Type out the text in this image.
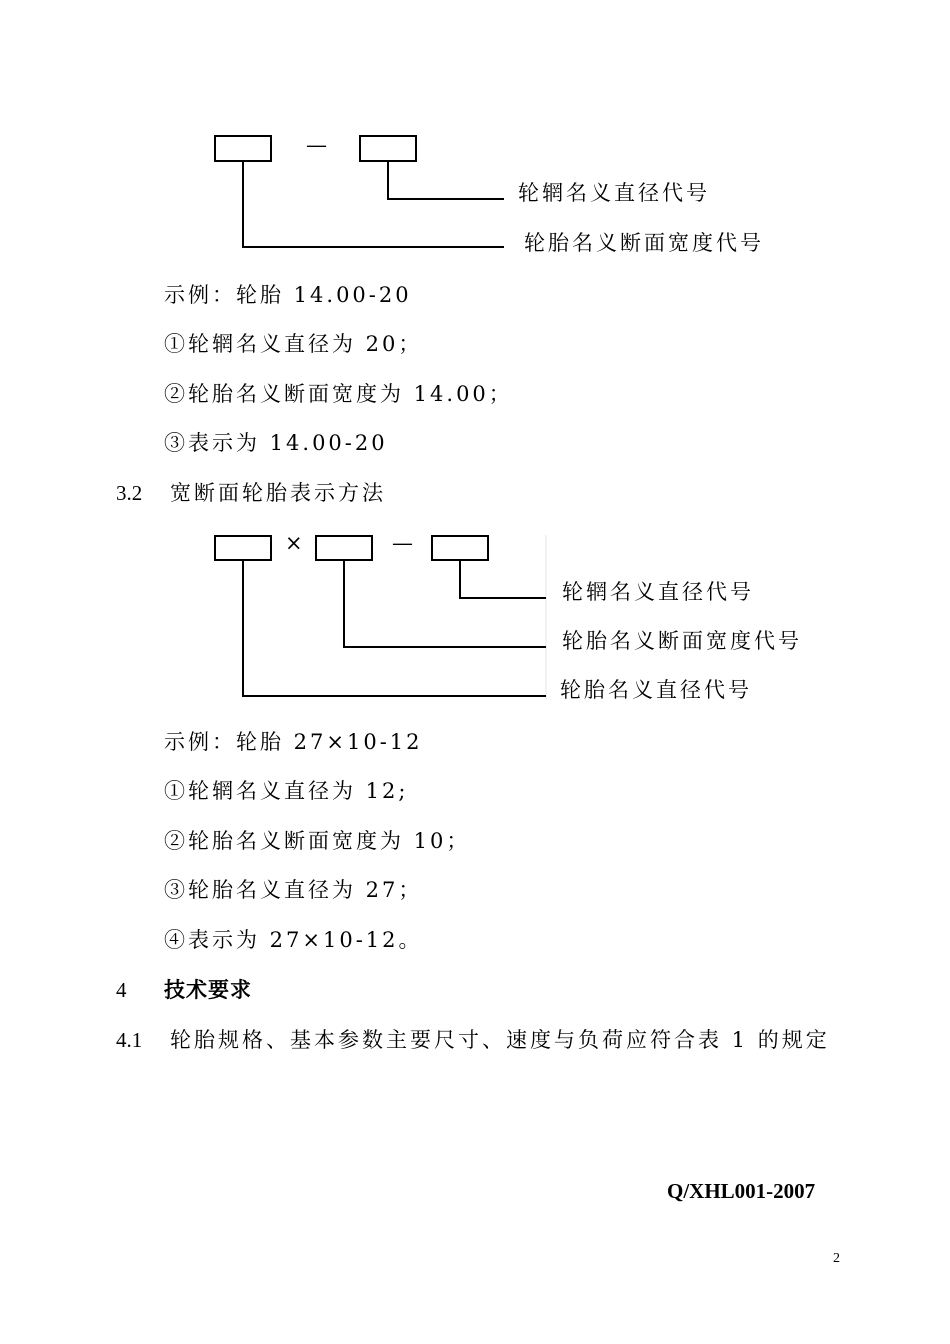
—
轮辋名义直径代号
轮胎名义断面宽度代号
示例：轮胎 14.00-20
①轮辋名义直径为 20；
②轮胎名义断面宽度为 14.00；
③表示为 14.00-20
3.2 宽断面轮胎表示方法
×	—
轮辋名义直径代号
轮胎名义断面宽度代号
轮胎名义直径代号
示例：轮胎 27×10-12
①轮辋名义直径为 12;
②轮胎名义断面宽度为 10；
③轮胎名义直径为 27；
④表示为 27×10-12。
4 技术要求
4.1 轮胎规格、基本参数主要尺寸、速度与负荷应符合表 1 的规定
Q/XHL001-2007
2
